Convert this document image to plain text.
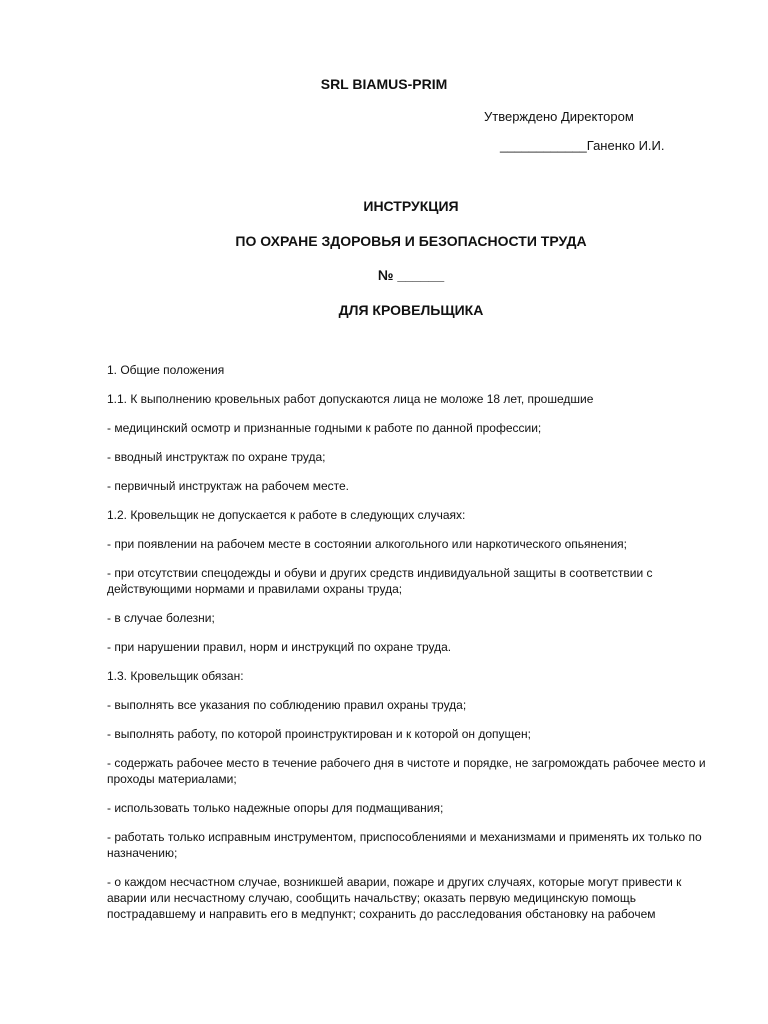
SRL BIAMUS-PRIM
Утверждено Директором
____________Ганенко И.И.
ИНСТРУКЦИЯ
ПО ОХРАНЕ ЗДОРОВЬЯ И БЕЗОПАСНОСТИ ТРУДА
№ ______
ДЛЯ КРОВЕЛЬЩИКА

1. Общие положения

1.1. К выполнению кровельных работ допускаются лица не моложе 18 лет, прошедшие

- медицинский осмотр и признанные годными к работе по данной профессии;

- вводный инструктаж по охране труда;

- первичный инструктаж на рабочем месте.

1.2. Кровельщик не допускается к работе в следующих случаях:

- при появлении на рабочем месте в состоянии алкогольного или наркотического опьянения;

- при отсутствии спецодежды и обуви и других средств индивидуальной защиты в соответствии с действующими нормами и правилами охраны труда;

- в случае болезни;

- при нарушении правил, норм и инструкций по охране труда.

1.3. Кровельщик обязан:

- выполнять все указания по соблюдению правил охраны труда;

- выполнять работу, по которой проинструктирован и к которой он допущен;

- содержать рабочее место в течение рабочего дня в чистоте и порядке, не загромождать рабочее место и проходы материалами;

- использовать только надежные опоры для подмащивания;

- работать только исправным инструментом, приспособлениями и механизмами и применять их только по назначению;

- о каждом несчастном случае, возникшей аварии, пожаре и других случаях, которые могут привести к аварии или несчастному случаю, сообщить начальству; оказать первую медицинскую помощь пострадавшему и направить его в медпункт; сохранить до расследования обстановку на рабочем
